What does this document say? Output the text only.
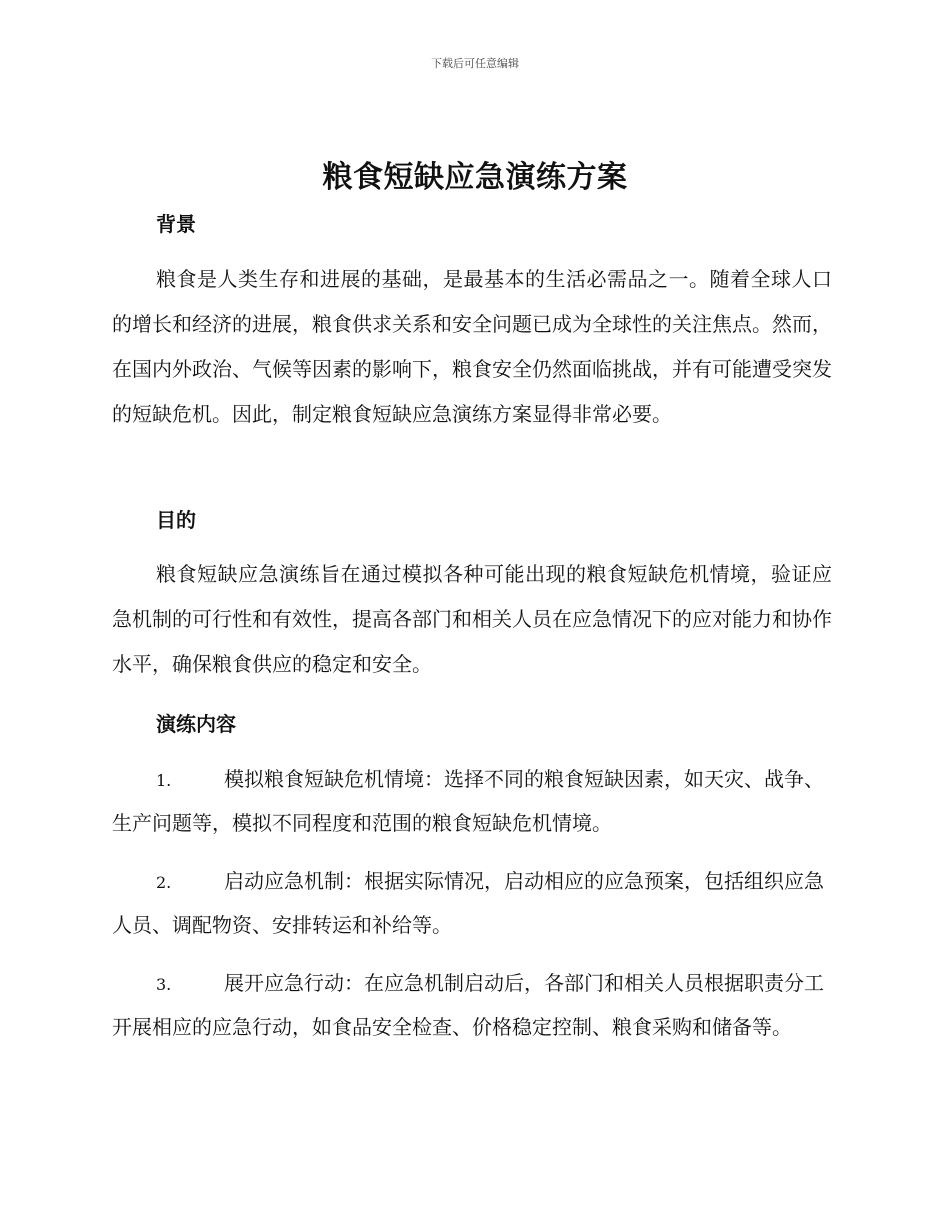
下载后可任意编辑
粮食短缺应急演练方案
背景

粮食是人类生存和进展的基础，是最基本的生活必需品之一。随着全球人口的增长和经济的进展，粮食供求关系和安全问题已成为全球性的关注焦点。然而，在国内外政治、气候等因素的影响下，粮食安全仍然面临挑战，并有可能遭受突发的短缺危机。因此，制定粮食短缺应急演练方案显得非常必要。

目的

粮食短缺应急演练旨在通过模拟各种可能出现的粮食短缺危机情境，验证应急机制的可行性和有效性，提高各部门和相关人员在应急情况下的应对能力和协作水平，确保粮食供应的稳定和安全。

演练内容

1.	模拟粮食短缺危机情境：选择不同的粮食短缺因素，如天灾、战争、生产问题等，模拟不同程度和范围的粮食短缺危机情境。

2.	启动应急机制：根据实际情况，启动相应的应急预案，包括组织应急人员、调配物资、安排转运和补给等。

3.	展开应急行动：在应急机制启动后，各部门和相关人员根据职责分工开展相应的应急行动，如食品安全检查、价格稳定控制、粮食采购和储备等。
